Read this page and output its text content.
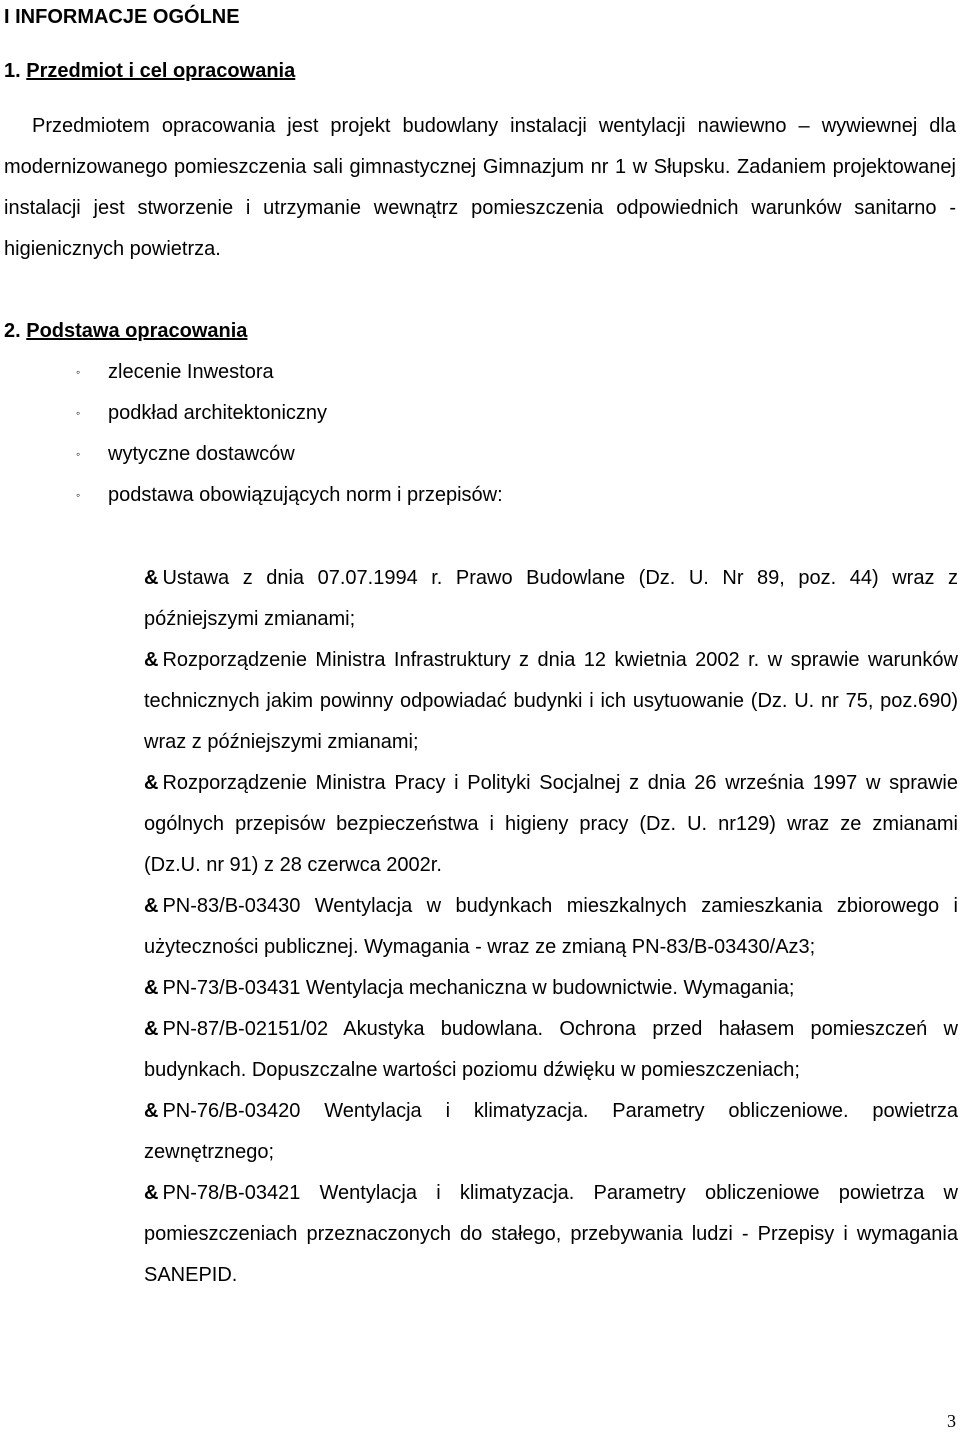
I INFORMACJE OGÓLNE
1. Przedmiot i cel opracowania
Przedmiotem opracowania jest projekt budowlany instalacji wentylacji nawiewno – wywiewnej dla modernizowanego pomieszczenia sali gimnastycznej Gimnazjum nr 1 w Słupsku. Zadaniem projektowanej instalacji jest stworzenie i utrzymanie wewnątrz pomieszczenia odpowiednich warunków sanitarno - higienicznych powietrza.
2. Podstawa opracowania
◦ zlecenie Inwestora
◦ podkład architektoniczny
◦ wytyczne dostawców
◦ podstawa obowiązujących norm i przepisów:
& Ustawa z dnia 07.07.1994 r. Prawo Budowlane (Dz. U. Nr 89, poz. 44) wraz z późniejszymi zmianami;
& Rozporządzenie Ministra Infrastruktury z dnia 12 kwietnia 2002 r. w sprawie warunków technicznych jakim powinny odpowiadać budynki i ich usytuowanie (Dz. U. nr 75, poz.690) wraz z późniejszymi zmianami;
& Rozporządzenie Ministra Pracy i Polityki Socjalnej z dnia 26 września 1997 w sprawie ogólnych przepisów bezpieczeństwa i higieny pracy (Dz. U. nr129) wraz ze zmianami (Dz.U. nr 91) z 28 czerwca 2002r.
& PN-83/B-03430 Wentylacja w budynkach mieszkalnych zamieszkania zbiorowego i użyteczności publicznej. Wymagania - wraz ze zmianą PN-83/B-03430/Az3;
& PN-73/B-03431 Wentylacja mechaniczna w budownictwie. Wymagania;
& PN-87/B-02151/02 Akustyka budowlana. Ochrona przed hałasem pomieszczeń w budynkach. Dopuszczalne wartości poziomu dźwięku w pomieszczeniach;
& PN-76/B-03420 Wentylacja i klimatyzacja. Parametry obliczeniowe. powietrza zewnętrznego;
& PN-78/B-03421 Wentylacja i klimatyzacja. Parametry obliczeniowe powietrza w pomieszczeniach przeznaczonych do stałego, przebywania ludzi - Przepisy i wymagania SANEPID.
3
